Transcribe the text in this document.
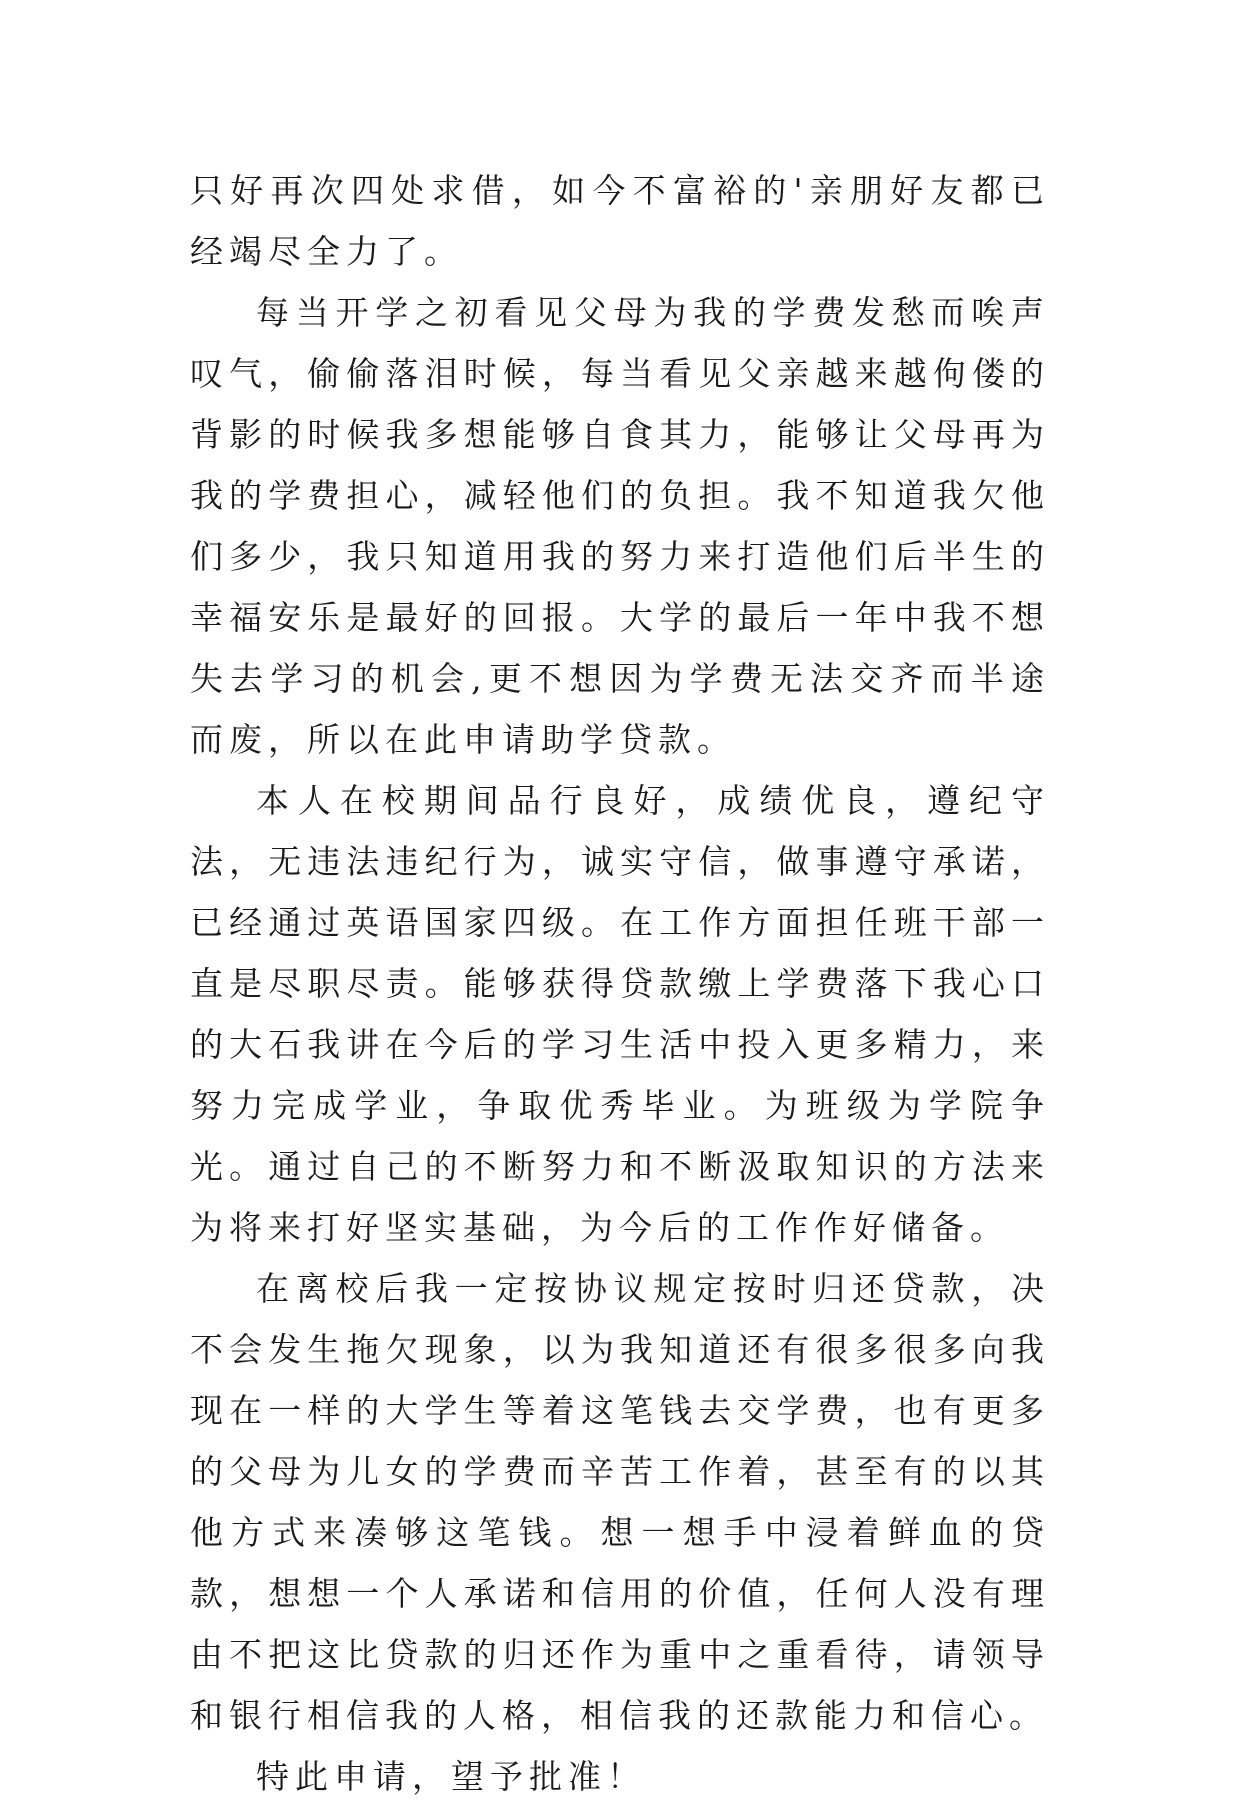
只好再次四处求借，如今不富裕的'亲朋好友都已经竭尽全力了。

每当开学之初看见父母为我的学费发愁而唉声叹气，偷偷落泪时候，每当看见父亲越来越佝偻的背影的时候我多想能够自食其力，能够让父母再为我的学费担心，减轻他们的负担。我不知道我欠他们多少，我只知道用我的努力来打造他们后半生的幸福安乐是最好的回报。大学的最后一年中我不想失去学习的机会,更不想因为学费无法交齐而半途而废，所以在此申请助学贷款。

本人在校期间品行良好，成绩优良，遵纪守法，无违法违纪行为，诚实守信，做事遵守承诺，已经通过英语国家四级。在工作方面担任班干部一直是尽职尽责。能够获得贷款缴上学费落下我心口的大石我讲在今后的学习生活中投入更多精力，来努力完成学业，争取优秀毕业。为班级为学院争光。通过自己的不断努力和不断汲取知识的方法来为将来打好坚实基础，为今后的工作作好储备。

在离校后我一定按协议规定按时归还贷款，决不会发生拖欠现象，以为我知道还有很多很多向我现在一样的大学生等着这笔钱去交学费，也有更多的父母为儿女的学费而辛苦工作着，甚至有的以其他方式来凑够这笔钱。想一想手中浸着鲜血的贷款，想想一个人承诺和信用的价值，任何人没有理由不把这比贷款的归还作为重中之重看待，请领导和银行相信我的人格，相信我的还款能力和信心。

特此申请，望予批准！
